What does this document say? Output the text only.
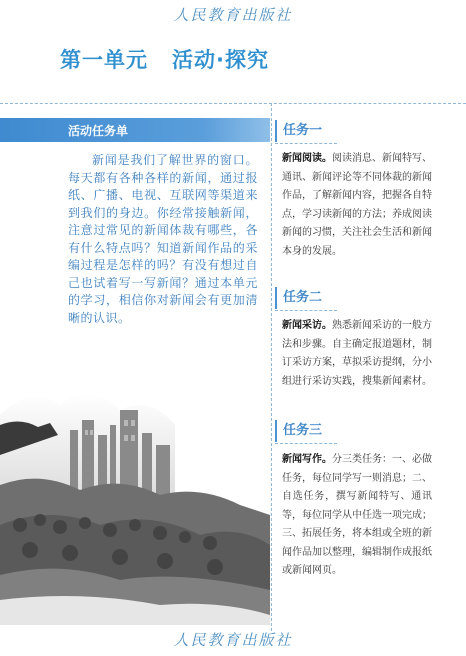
人民教育出版社
第一单元 活动·探究
活动任务单

新闻是我们了解世界的窗口。每天都有各种各样的新闻，通过报纸、广播、电视、互联网等渠道来到我们的身边。你经常接触新闻，注意过常见的新闻体裁有哪些，各有什么特点吗？知道新闻作品的采编过程是怎样的吗？有没有想过自己也试着写一写新闻？通过本单元的学习，相信你对新闻会有更加清晰的认识。

任务一

新闻阅读。阅读消息、新闻特写、通讯、新闻评论等不同体裁的新闻作品，了解新闻内容，把握各自特点，学习读新闻的方法；养成阅读新闻的习惯，关注社会生活和新闻本身的发展。

任务二

新闻采访。熟悉新闻采访的一般方法和步骤。自主确定报道题材，制订采访方案，草拟采访提纲，分小组进行采访实践，搜集新闻素材。

任务三

新闻写作。分三类任务：一、必做任务，每位同学写一则消息；二、自选任务，撰写新闻特写、通讯等，每位同学从中任选一项完成；三、拓展任务，将本组或全班的新闻作品加以整理，编辑制作成报纸或新闻网页。

人民教育出版社
